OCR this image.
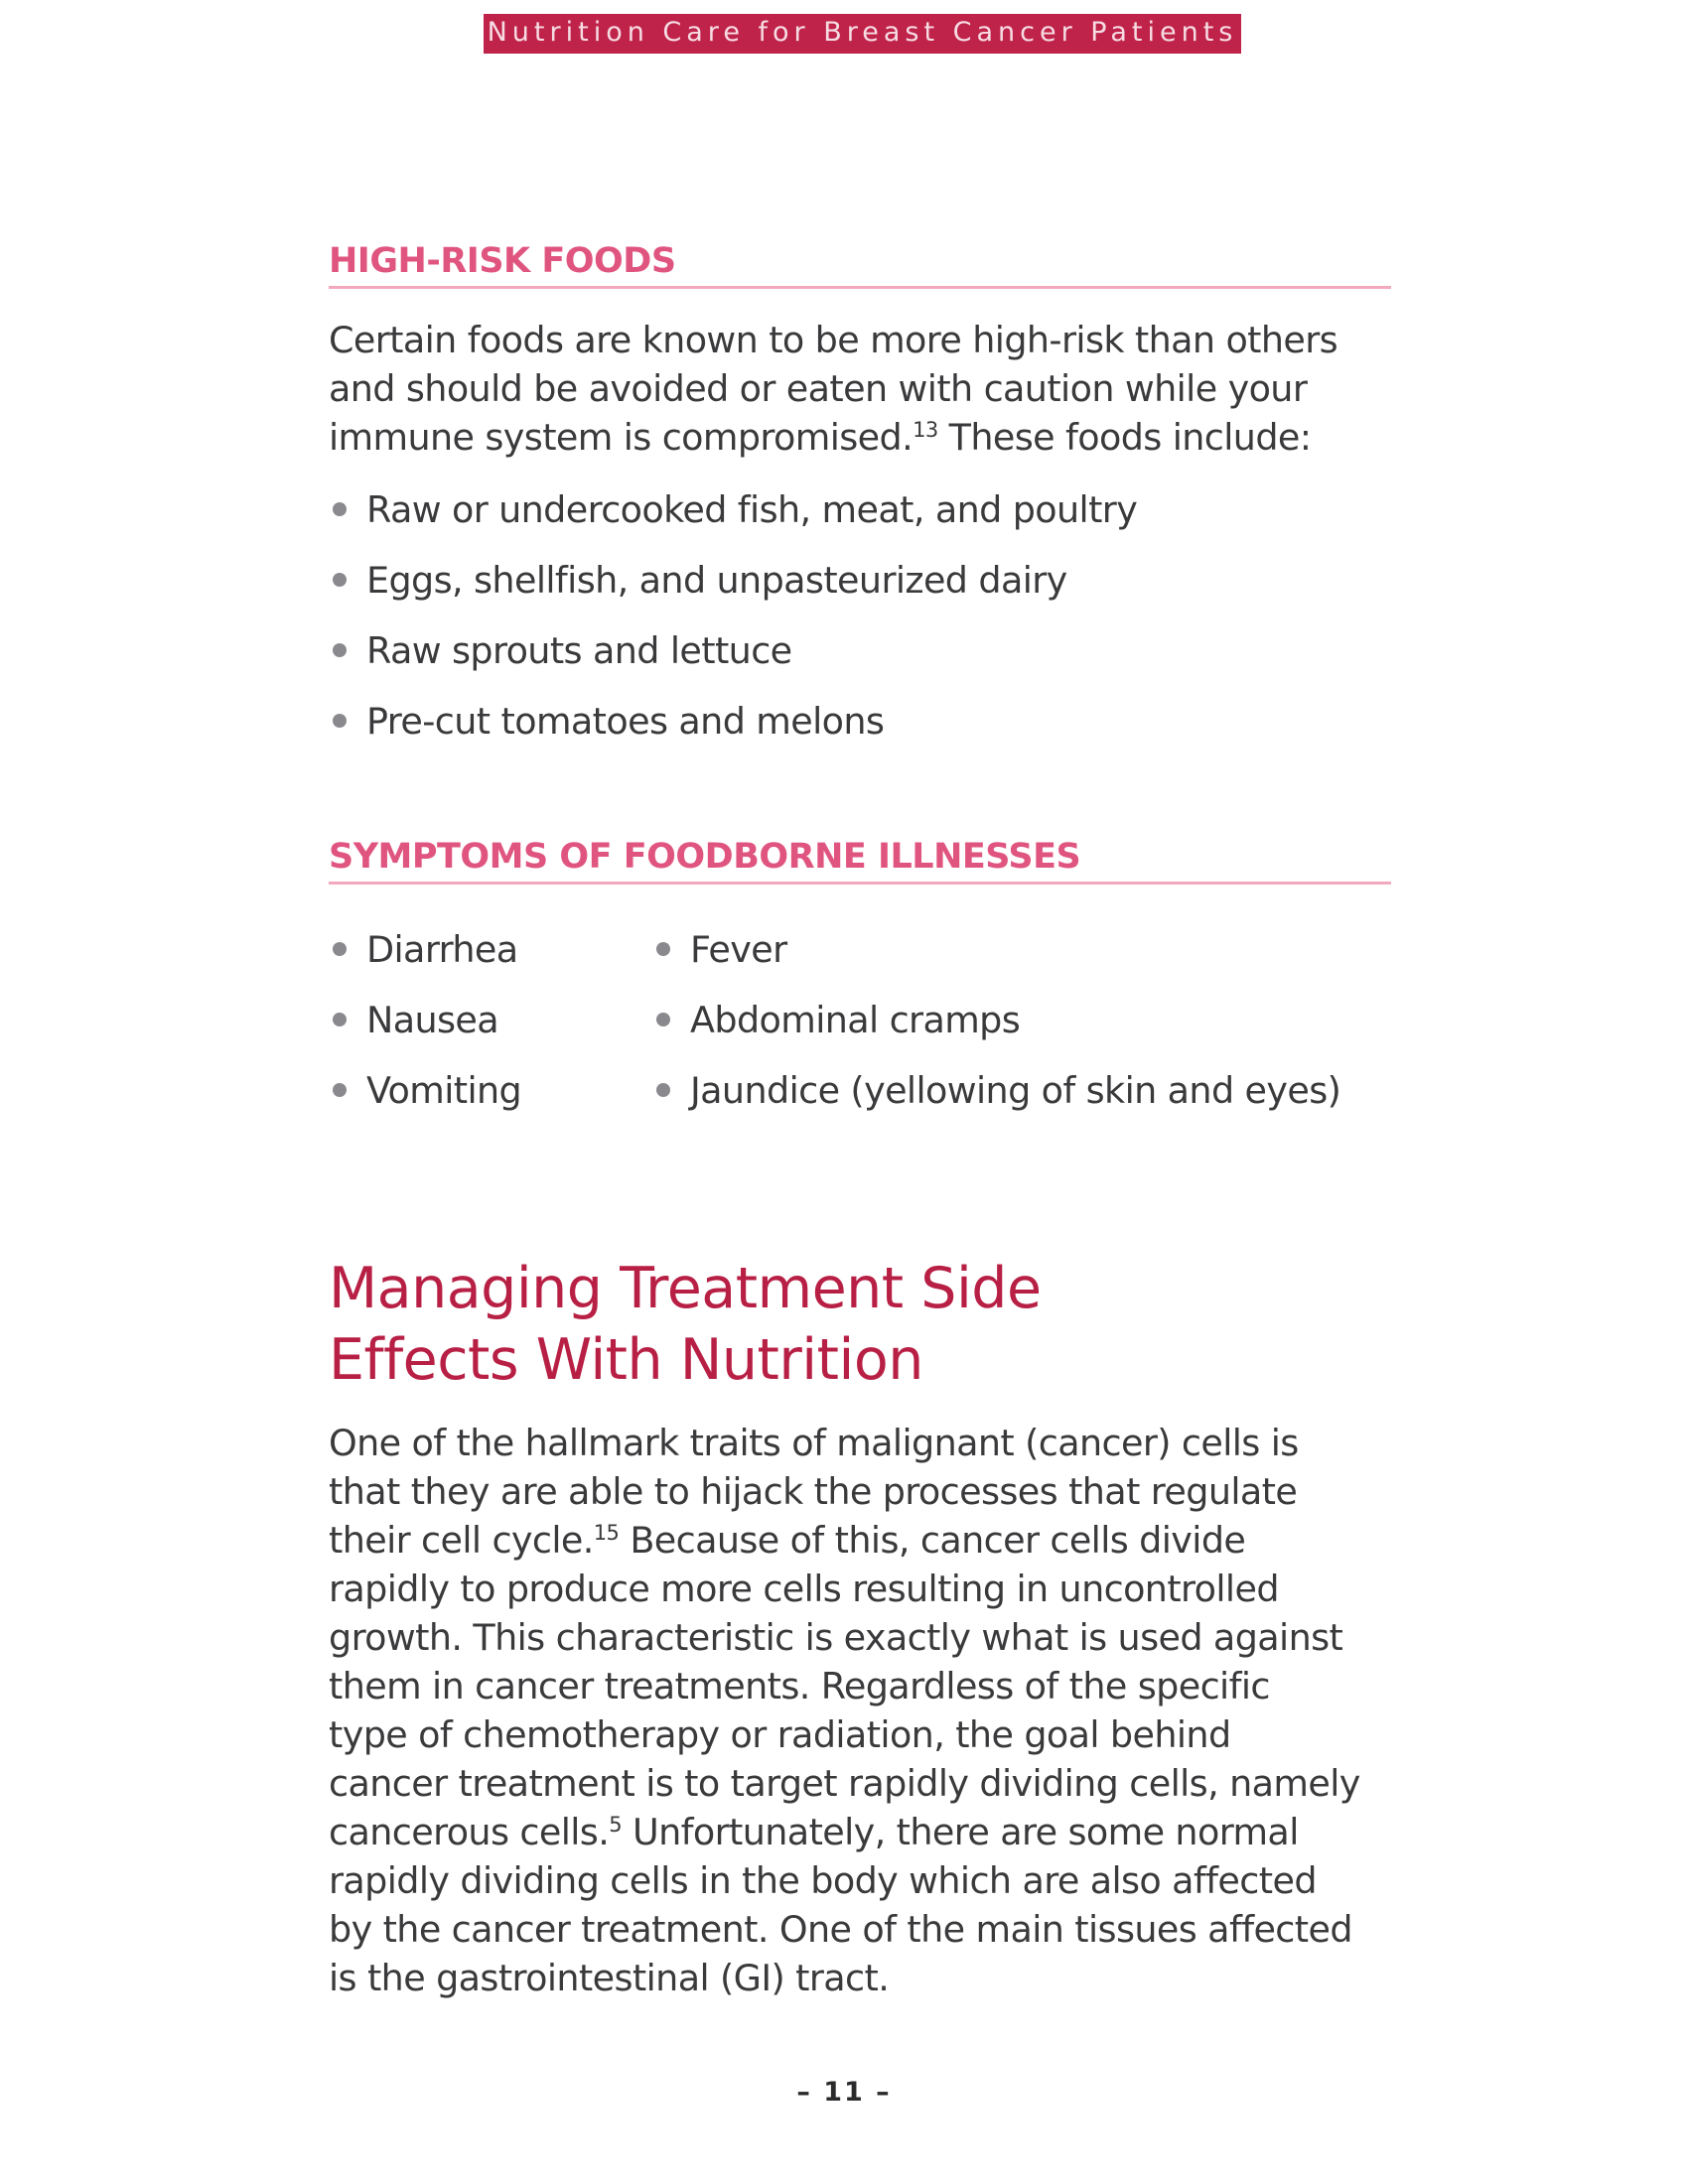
Nutrition Care for Breast Cancer Patients
HIGH-RISK FOODS

Certain foods are known to be more high-risk than others
and should be avoided or eaten with caution while your
immune system is compromised.$^{13}$ These foods include:

Raw or undercooked fish, meat, and poultry
Eggs, shellfish, and unpasteurized dairy
Raw sprouts and lettuce
Pre-cut tomatoes and melons
SYMPTOMS OF FOODBORNE ILLNESSES
Diarrhea
Nausea
Vomiting
Fever
Abdominal cramps
Jaundice (yellowing of skin and eyes)
Managing Treatment Side
Effects With Nutrition

One of the hallmark traits of malignant (cancer) cells is
that they are able to hijack the processes that regulate
their cell cycle.$^{15}$ Because of this, cancer cells divide
rapidly to produce more cells resulting in uncontrolled
growth. This characteristic is exactly what is used against
them in cancer treatments. Regardless of the specific
type of chemotherapy or radiation, the goal behind
cancer treatment is to target rapidly dividing cells, namely
cancerous cells.$^5$ Unfortunately, there are some normal
rapidly dividing cells in the body which are also affected
by the cancer treatment. One of the main tissues affected
is the gastrointestinal (GI) tract.

– 11 –
